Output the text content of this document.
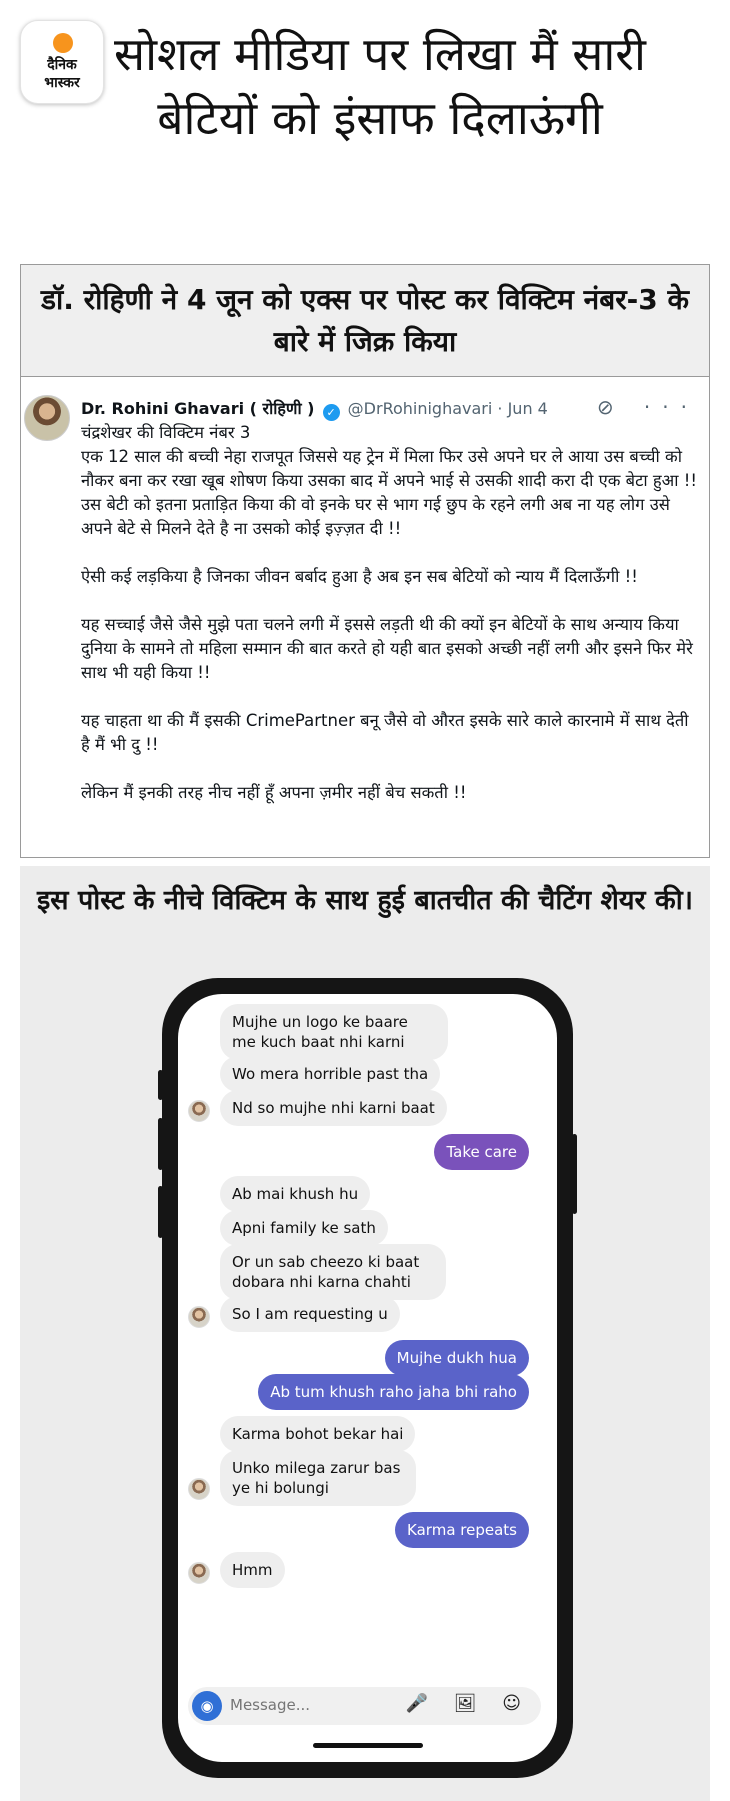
दैनिक
भास्कर
सोशल मीडिया पर लिखा मैं सारी बेटियों को इंसाफ दिलाऊंगी
डॉ. रोहिणी ने 4 जून को एक्स पर पोस्ट कर विक्टिम नंबर-3 के बारे में जिक्र किया
Dr. Rohini Ghavari ( रोहिणी ) ✓ @DrRohinighavari · Jun 4 ⊘ ···

चंद्रशेखर की विक्टिम नंबर 3

एक 12 साल की बच्ची नेहा राजपूत जिससे यह ट्रेन में मिला फिर उसे अपने घर ले आया उस बच्ची को नौकर बना कर रखा खूब शोषण किया उसका बाद में अपने भाई से उसकी शादी करा दी एक बेटा हुआ !!

उस बेटी को इतना प्रताड़ित किया की वो इनके घर से भाग गई छुप के रहने लगी अब ना यह लोग उसे अपने बेटे से मिलने देते है ना उसको कोई इज़्ज़त दी !!

ऐसी कई लड़किया है जिनका जीवन बर्बाद हुआ है अब इन सब बेटियों को न्याय मैं दिलाऊँगी !!

यह सच्चाई जैसे जैसे मुझे पता चलने लगी में इससे लड़ती थी की क्यों इन बेटियों के साथ अन्याय किया दुनिया के सामने तो महिला सम्मान की बात करते हो यही बात इसको अच्छी नहीं लगी और इसने फिर मेरे साथ भी यही किया !!

यह चाहता था की मैं इसकी CrimePartner बनू जैसे वो औरत इसके सारे काले कारनामे में साथ देती है मैं भी दु !!

लेकिन मैं इनकी तरह नीच नहीं हूँ अपना ज़मीर नहीं बेच सकती !!

इस पोस्ट के नीचे विक्टिम के साथ हुई बातचीत की चैटिंग शेयर की।
Mujhe un logo ke baare me kuch baat nhi karni
Wo mera horrible past tha
Nd so mujhe nhi karni baat
Take care
Ab mai khush hu
Apni family ke sath
Or un sab cheezo ki baat dobara nhi karna chahti
So I am requesting u
Mujhe dukh hua
Ab tum khush raho jaha bhi raho
Karma bohot bekar hai
Unko milega zarur bas ye hi bolungi
Karma repeats
Hmm
◉
Message...	🎤 🖼 ☺
